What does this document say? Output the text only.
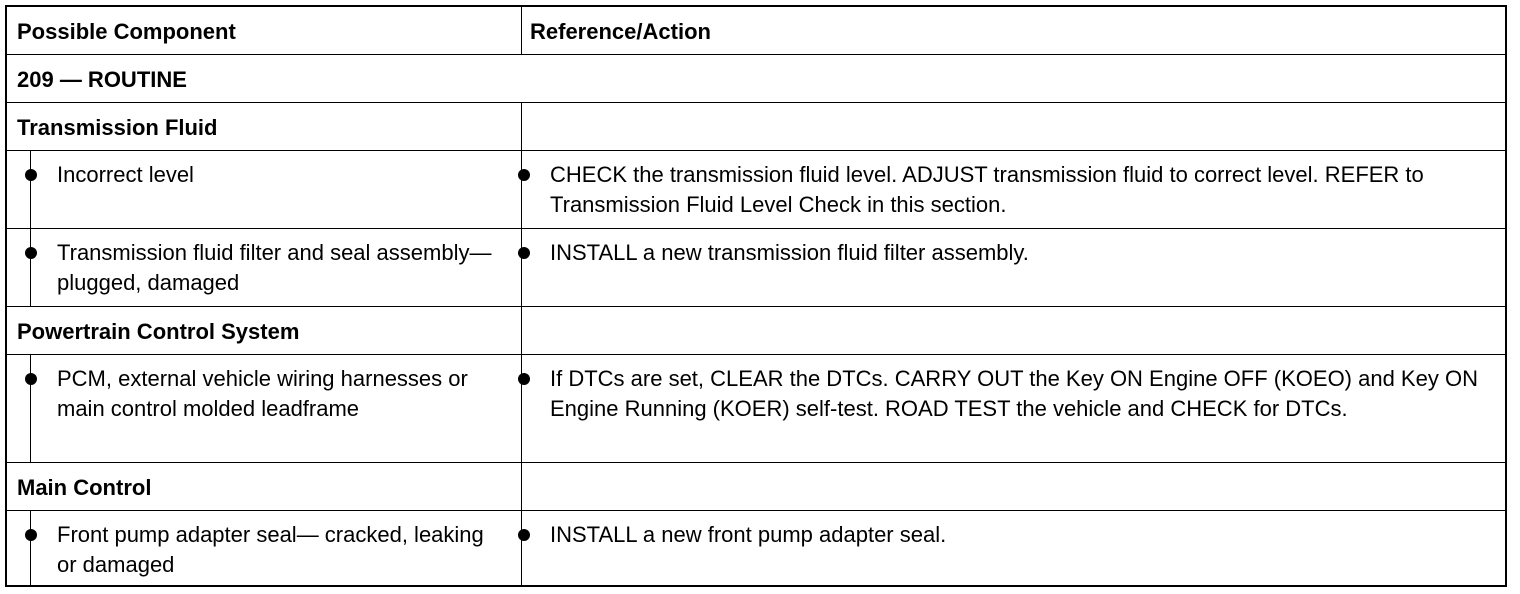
Possible Component	Reference/Action
209 — ROUTINE
Transmission Fluid
Incorrect level	CHECK the transmission fluid level. ADJUST transmission fluid to correct level. REFER to Transmission Fluid Level Check in this section.
Transmission fluid filter and seal assembly— plugged, damaged
INSTALL a new transmission fluid filter assembly.
Powertrain Control System
PCM, external vehicle wiring harnesses or main control molded leadframe
If DTCs are set, CLEAR the DTCs. CARRY OUT the Key ON Engine OFF (KOEO) and Key ON Engine Running (KOER) self-test. ROAD TEST the vehicle and CHECK for DTCs.
Main Control
Front pump adapter seal— cracked, leaking or damaged
INSTALL a new front pump adapter seal.
